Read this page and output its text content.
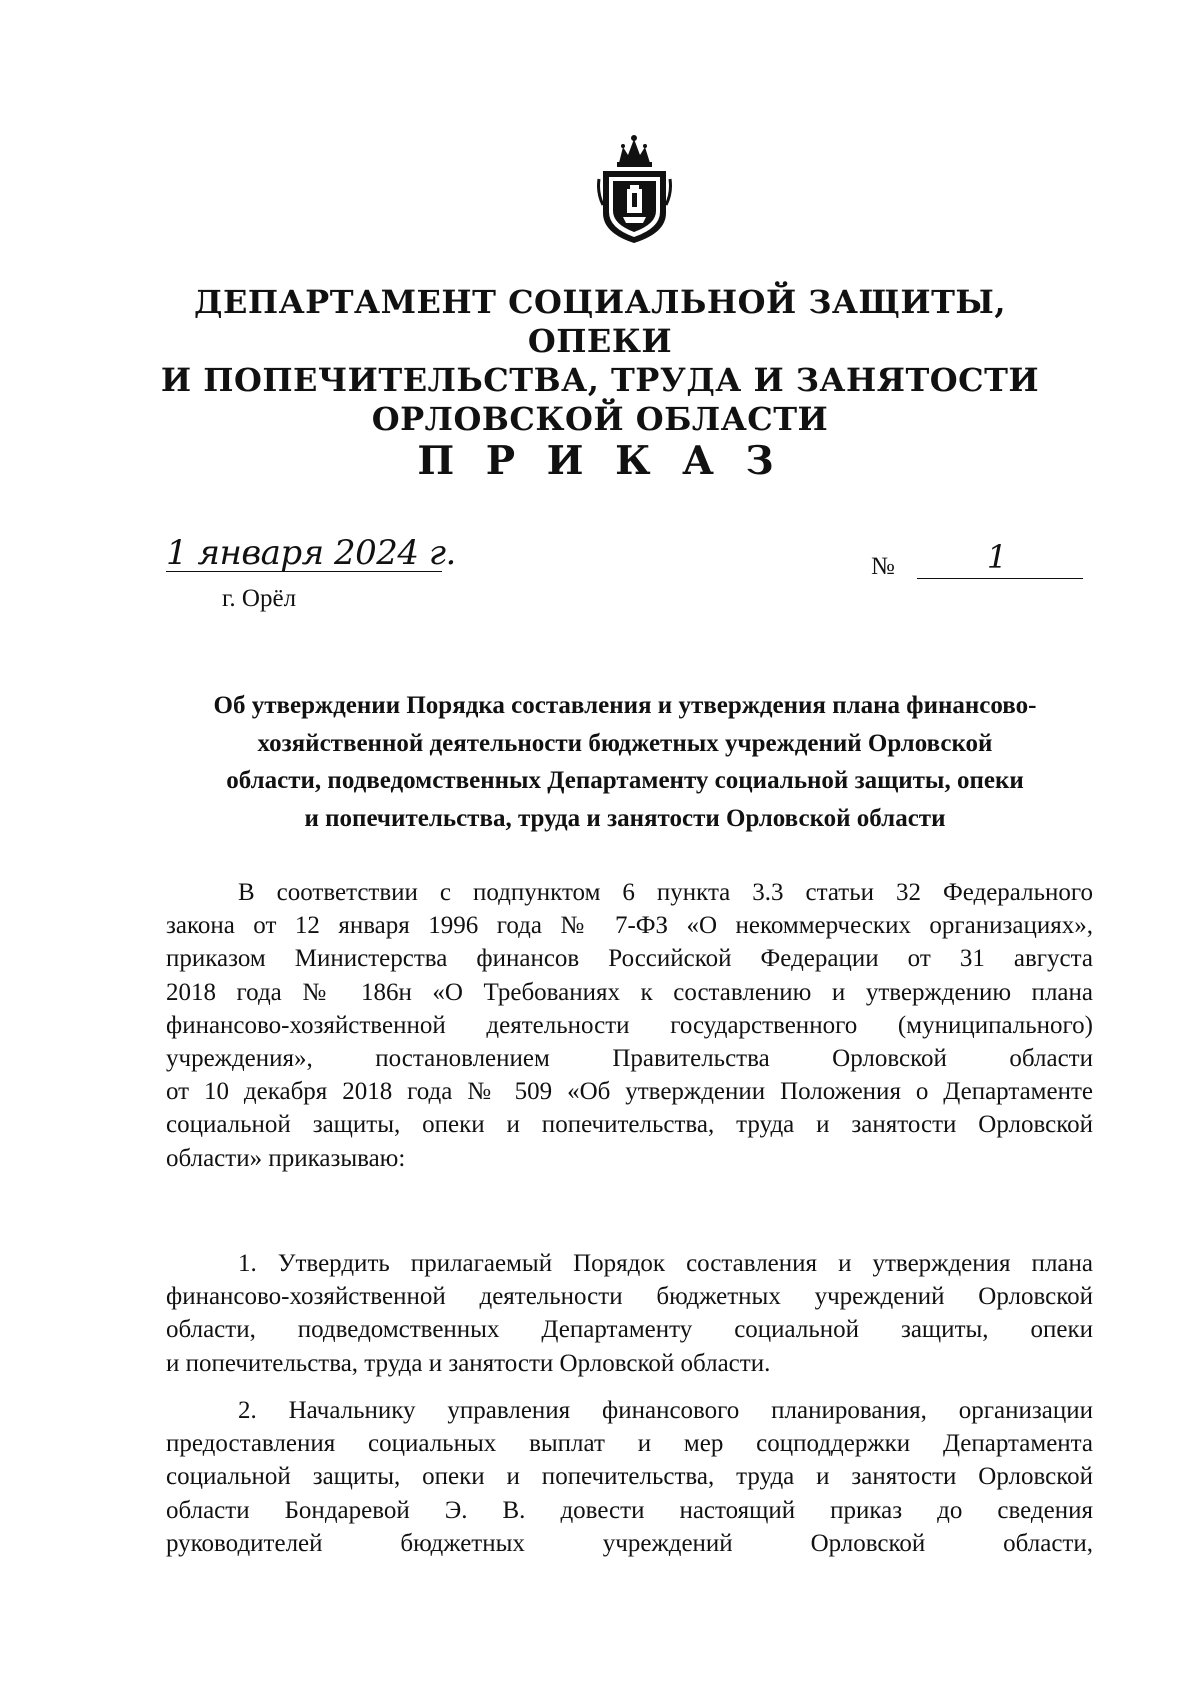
ДЕПАРТАМЕНТ СОЦИАЛЬНОЙ ЗАЩИТЫ, ОПЕКИ
И ПОПЕЧИТЕЛЬСТВА, ТРУДА И ЗАНЯТОСТИ
ОРЛОВСКОЙ ОБЛАСТИ
П Р И К А З
1 января 2024 г.
г. Орёл
№	1
Об утверждении Порядка составления и утверждения плана финансово-
хозяйственной деятельности бюджетных учреждений Орловской
области, подведомственных Департаменту социальной защиты, опеки
и попечительства, труда и занятости Орловской области
В соответствии с подпунктом 6 пункта 3.3 статьи 32 Федерального
закона от 12 января 1996 года № 7-ФЗ «О некоммерческих организациях»,
приказом Министерства финансов Российской Федерации от 31 августа
2018 года № 186н «О Требованиях к составлению и утверждению плана
финансово-хозяйственной деятельности государственного (муниципального)
учреждения», постановлением Правительства Орловской области
от 10 декабря 2018 года № 509 «Об утверждении Положения о Департаменте
социальной защиты, опеки и попечительства, труда и занятости Орловской
области» приказываю:
1. Утвердить прилагаемый Порядок составления и утверждения плана
финансово-хозяйственной деятельности бюджетных учреждений Орловской
области, подведомственных Департаменту социальной защиты, опеки
и попечительства, труда и занятости Орловской области.
2. Начальнику управления финансового планирования, организации
предоставления социальных выплат и мер соцподдержки Департамента
социальной защиты, опеки и попечительства, труда и занятости Орловской
области Бондаревой Э. В. довести настоящий приказ до сведения
руководителей бюджетных учреждений Орловской области,
